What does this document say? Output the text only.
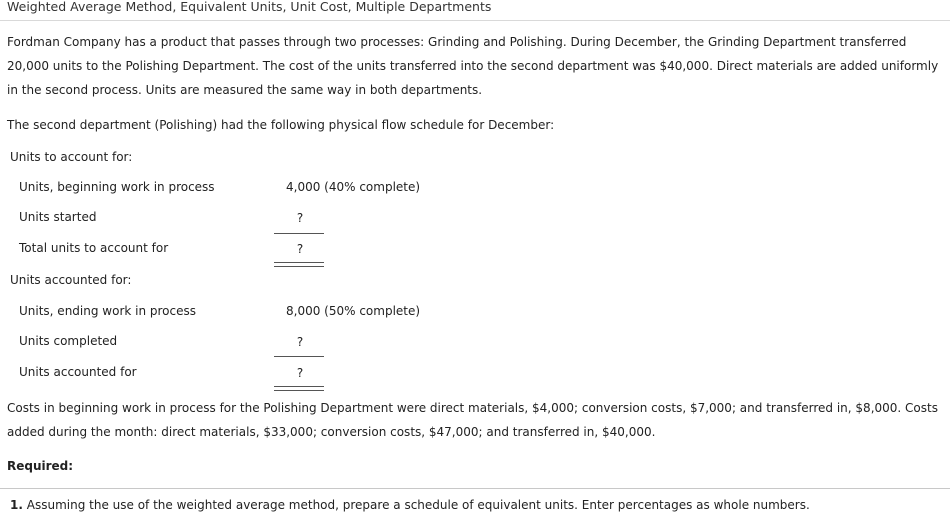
Weighted Average Method, Equivalent Units, Unit Cost, Multiple Departments

Fordman Company has a product that passes through two processes: Grinding and Polishing. During December, the Grinding Department transferred 20,000 units to the Polishing Department. The cost of the units transferred into the second department was $40,000. Direct materials are added uniformly in the second process. Units are measured the same way in both departments.

The second department (Polishing) had the following physical flow schedule for December:

Units to account for:
Units, beginning work in process	4,000 (40% complete)
Units started	?
Total units to account for	?
Units accounted for:
Units, ending work in process	8,000 (50% complete)
Units completed	?
Units accounted for	?

Costs in beginning work in process for the Polishing Department were direct materials, $4,000; conversion costs, $7,000; and transferred in, $8,000. Costs added during the month: direct materials, $33,000; conversion costs, $47,000; and transferred in, $40,000.

Required:
1. Assuming the use of the weighted average method, prepare a schedule of equivalent units. Enter percentages as whole numbers.
